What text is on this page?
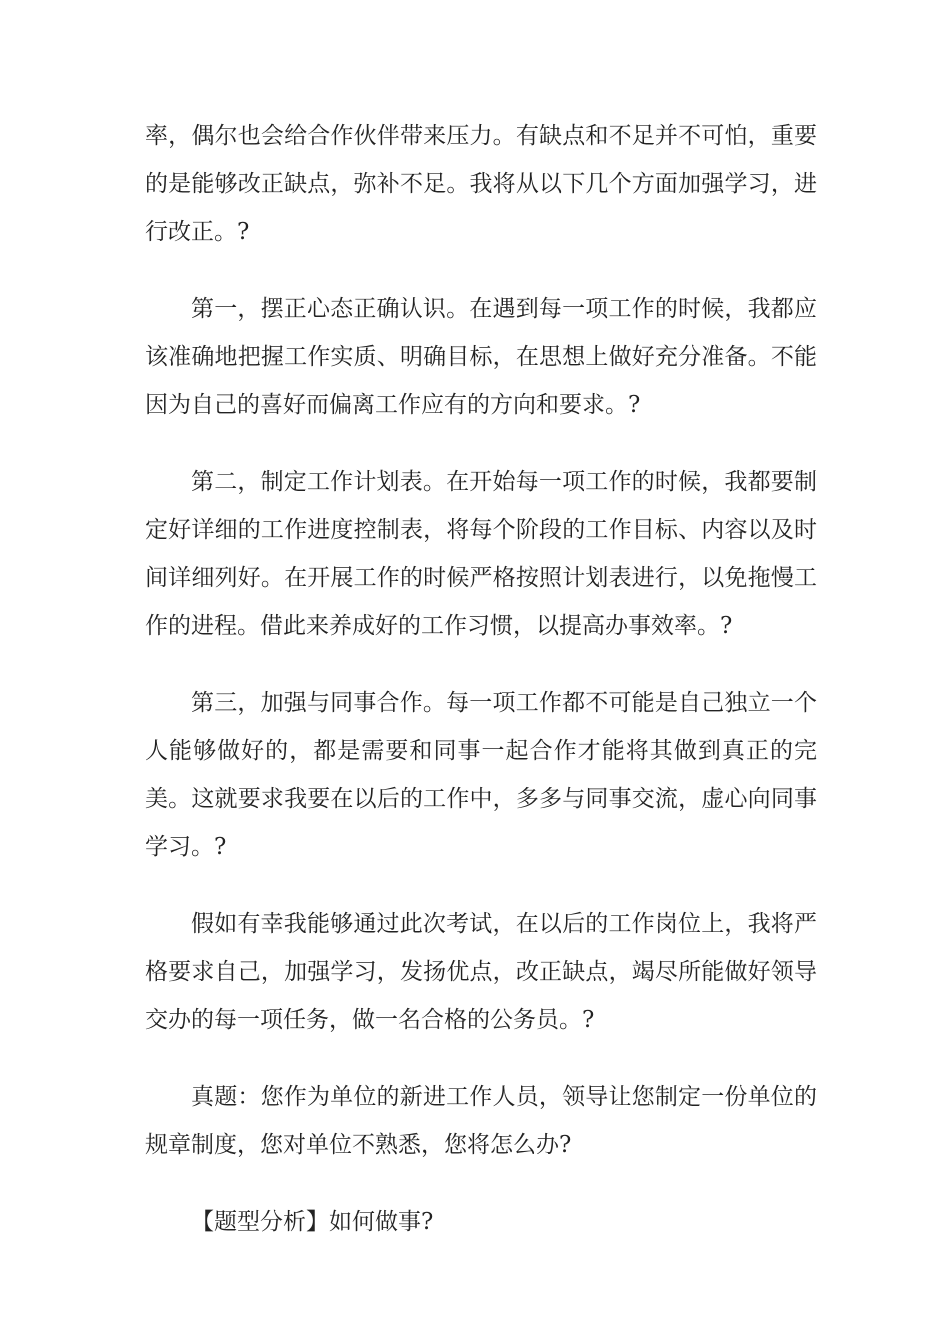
率，偶尔也会给合作伙伴带来压力。有缺点和不足并不可怕，重要的是能够改正缺点，弥补不足。我将从以下几个方面加强学习，进行改正。?

第一，摆正心态正确认识。在遇到每一项工作的时候，我都应该准确地把握工作实质、明确目标，在思想上做好充分准备。不能因为自己的喜好而偏离工作应有的方向和要求。?

第二，制定工作计划表。在开始每一项工作的时候，我都要制定好详细的工作进度控制表，将每个阶段的工作目标、内容以及时间详细列好。在开展工作的时候严格按照计划表进行，以免拖慢工作的进程。借此来养成好的工作习惯，以提高办事效率。?

第三，加强与同事合作。每一项工作都不可能是自己独立一个人能够做好的，都是需要和同事一起合作才能将其做到真正的完美。这就要求我要在以后的工作中，多多与同事交流，虚心向同事学习。?

假如有幸我能够通过此次考试，在以后的工作岗位上，我将严格要求自己，加强学习，发扬优点，改正缺点，竭尽所能做好领导交办的每一项任务，做一名合格的公务员。?

真题：您作为单位的新进工作人员，领导让您制定一份单位的规章制度，您对单位不熟悉，您将怎么办?

【题型分析】如何做事?
